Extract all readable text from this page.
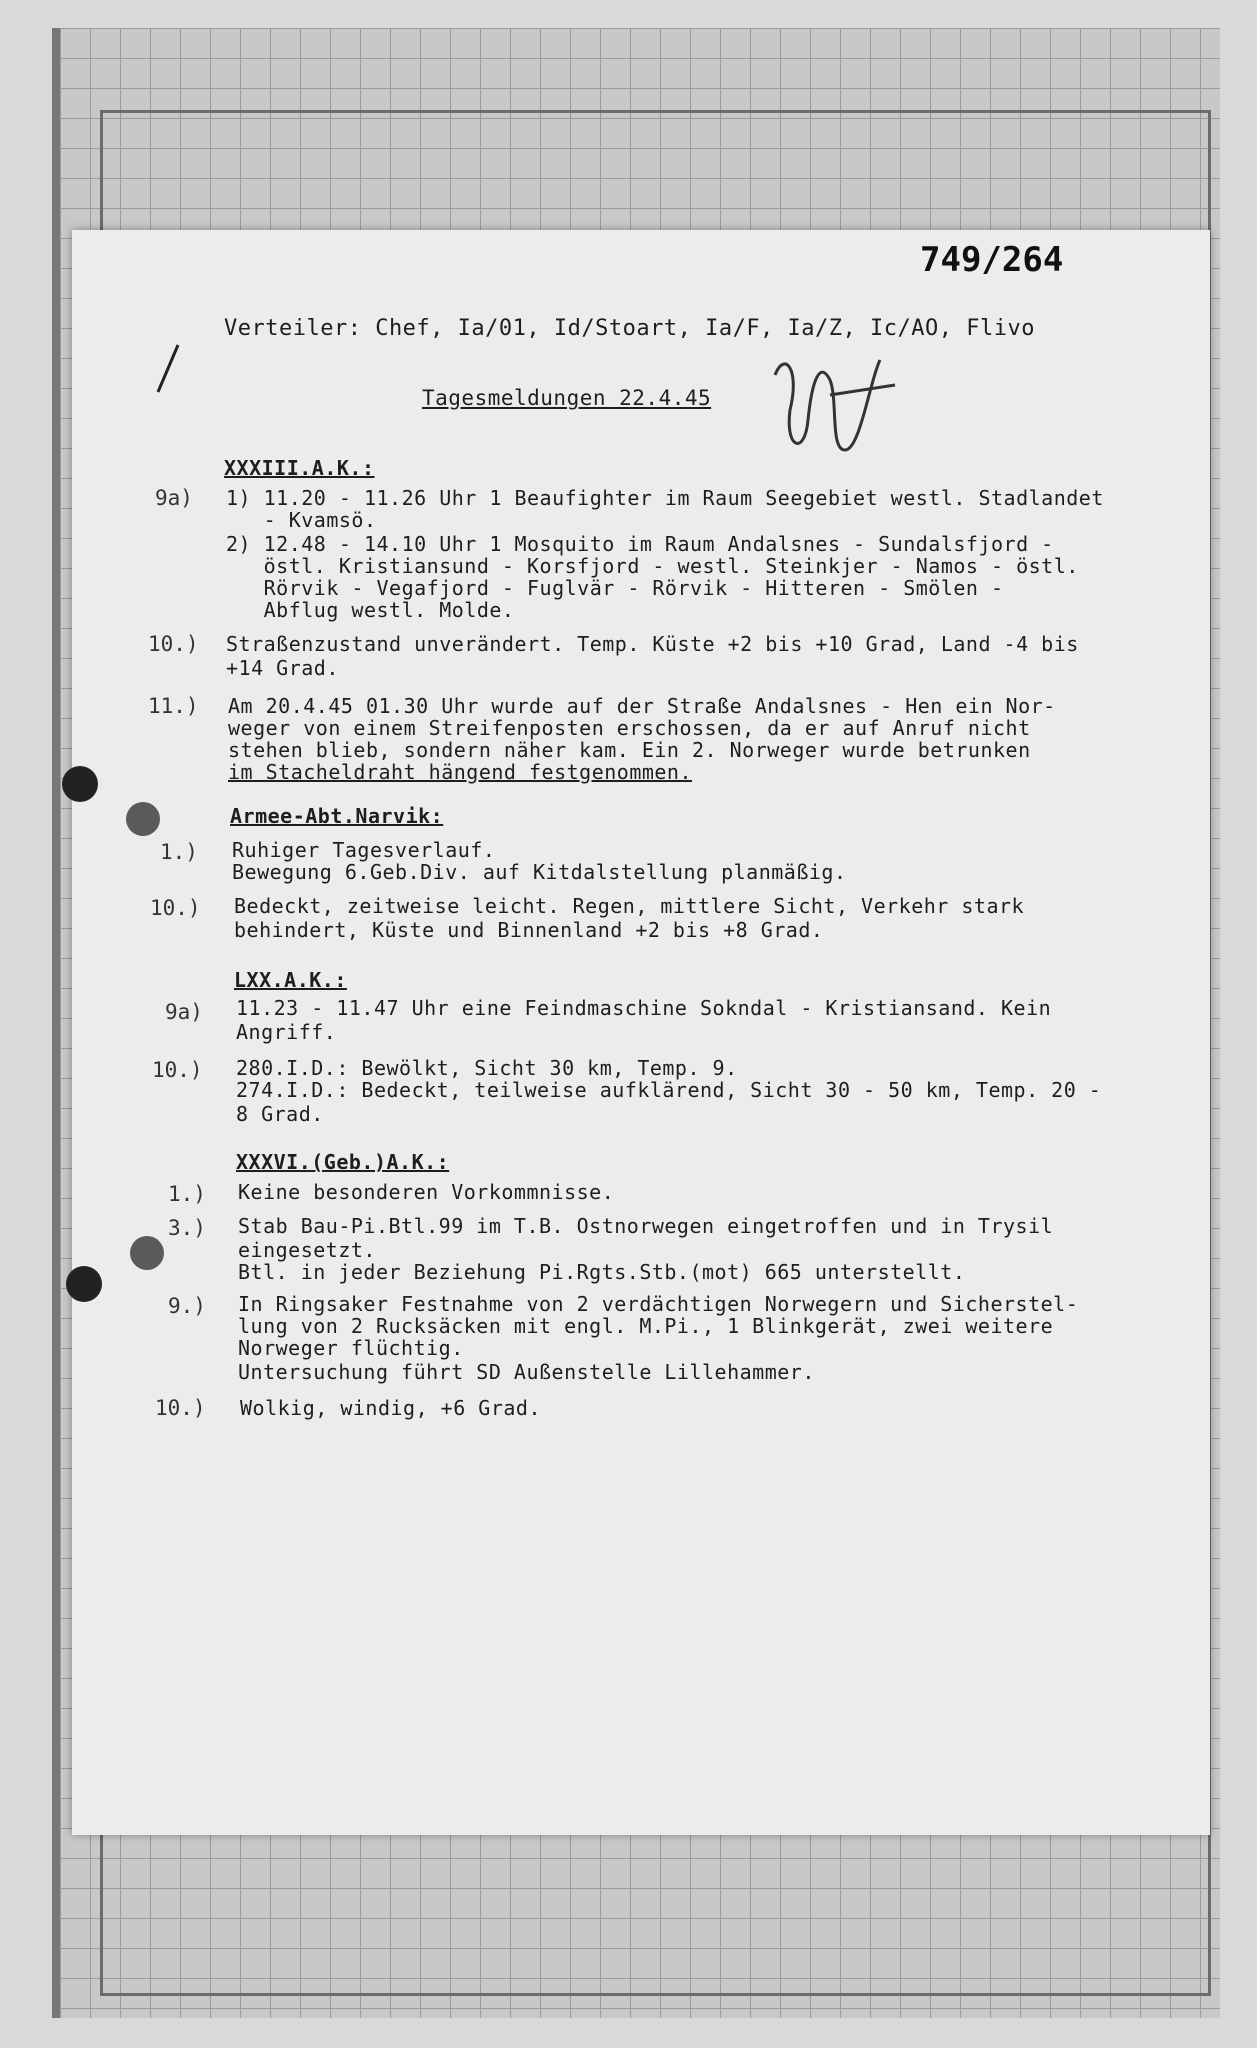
749/264
Verteiler: Chef, Ia/01, Id/Stoart, Ia/F, Ia/Z, Ic/AO, Flivo
Tagesmeldungen 22.4.45
XXXIII.A.K.:
9a) 1) 11.20 - 11.26 Uhr 1 Beaufighter im Raum Seegebiet westl. Stadlandet
- Kvamsö.
2) 12.48 - 14.10 Uhr 1 Mosquito im Raum Andalsnes - Sundalsfjord -
östl. Kristiansund - Korsfjord - westl. Steinkjer - Namos - östl.
Rörvik - Vegafjord - Fuglvär - Rörvik - Hitteren - Smölen -
Abflug westl. Molde.
10.) Straßenzustand unverändert. Temp. Küste +2 bis +10 Grad, Land -4 bis
+14 Grad.
11.) Am 20.4.45 01.30 Uhr wurde auf der Straße Andalsnes - Hen ein Nor-
weger von einem Streifenposten erschossen, da er auf Anruf nicht
stehen blieb, sondern näher kam. Ein 2. Norweger wurde betrunken
im Stacheldraht hängend festgenommen.
Armee-Abt.Narvik:
1.) Ruhiger Tagesverlauf.
Bewegung 6.Geb.Div. auf Kitdalstellung planmäßig.
10.) Bedeckt, zeitweise leicht. Regen, mittlere Sicht, Verkehr stark
behindert, Küste und Binnenland +2 bis +8 Grad.
LXX.A.K.:
9a) 11.23 - 11.47 Uhr eine Feindmaschine Sokndal - Kristiansand. Kein
Angriff.
10.) 280.I.D.: Bewölkt, Sicht 30 km, Temp. 9.
274.I.D.: Bedeckt, teilweise aufklärend, Sicht 30 - 50 km, Temp. 20 -
8 Grad.
XXXVI.(Geb.)A.K.:
1.) Keine besonderen Vorkommnisse.
3.) Stab Bau-Pi.Btl.99 im T.B. Ostnorwegen eingetroffen und in Trysil
eingesetzt.
Btl. in jeder Beziehung Pi.Rgts.Stb.(mot) 665 unterstellt.
9.) In Ringsaker Festnahme von 2 verdächtigen Norwegern und Sicherstel-
lung von 2 Rucksäcken mit engl. M.Pi., 1 Blinkgerät, zwei weitere
Norweger flüchtig.
Untersuchung führt SD Außenstelle Lillehammer.
10.) Wolkig, windig, +6 Grad.
